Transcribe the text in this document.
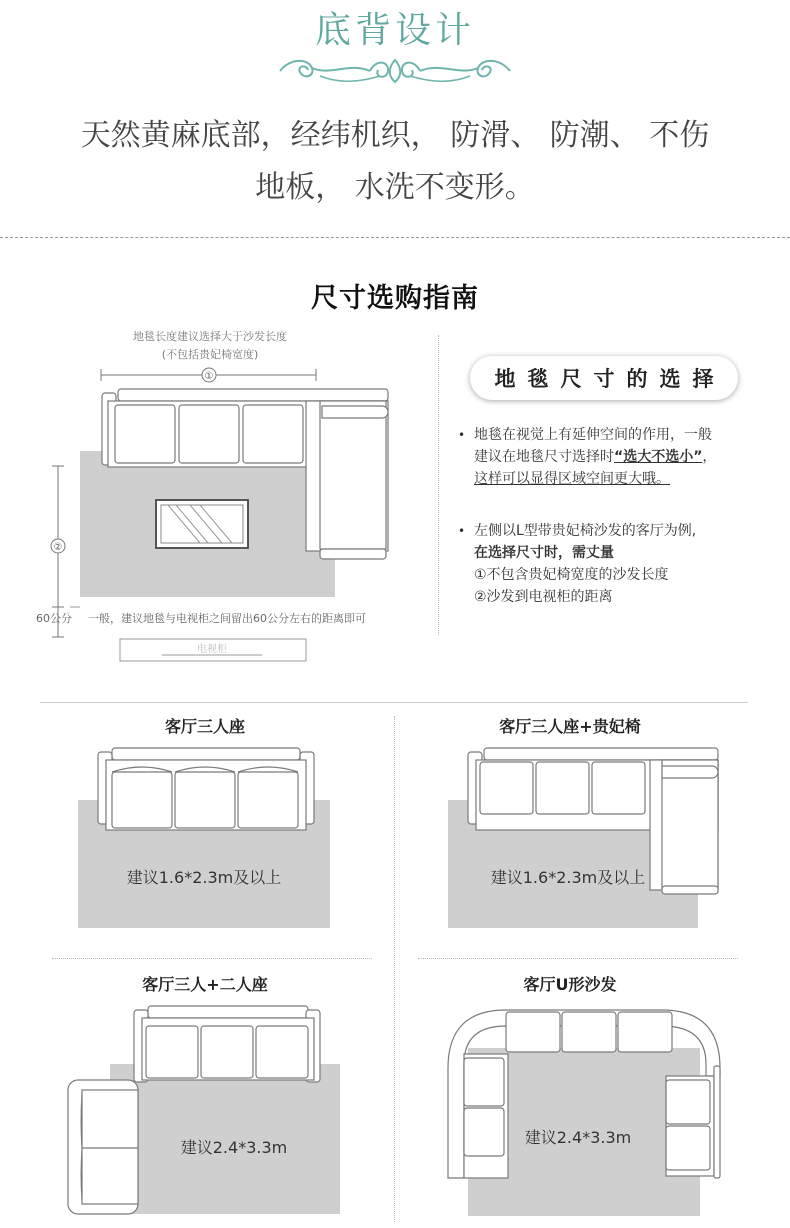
底背设计
天然黄麻底部，经纬机织， 防滑、 防潮、 不伤
地板， 水洗不变形。
尺寸选购指南
地毯长度建议选择大于沙发长度
(不包括贵妃椅宽度)
①
②
60公分 一般，建议地毯与电视柜之间留出60公分左右的距离即可
电视柜
地毯尺寸的选择
• 地毯在视觉上有延伸空间的作用，一般
建议在地毯尺寸选择时“选大不选小”，
这样可以显得区域空间更大哦。
• 左侧以L型带贵妃椅沙发的客厅为例,
在选择尺寸时，需丈量
①不包含贵妃椅宽度的沙发长度
②沙发到电视柜的距离
客厅三人座
建议1.6*2.3m及以上
客厅三人座+贵妃椅
建议1.6*2.3m及以上
客厅三人+二人座
建议2.4*3.3m
客厅U形沙发
建议2.4*3.3m
